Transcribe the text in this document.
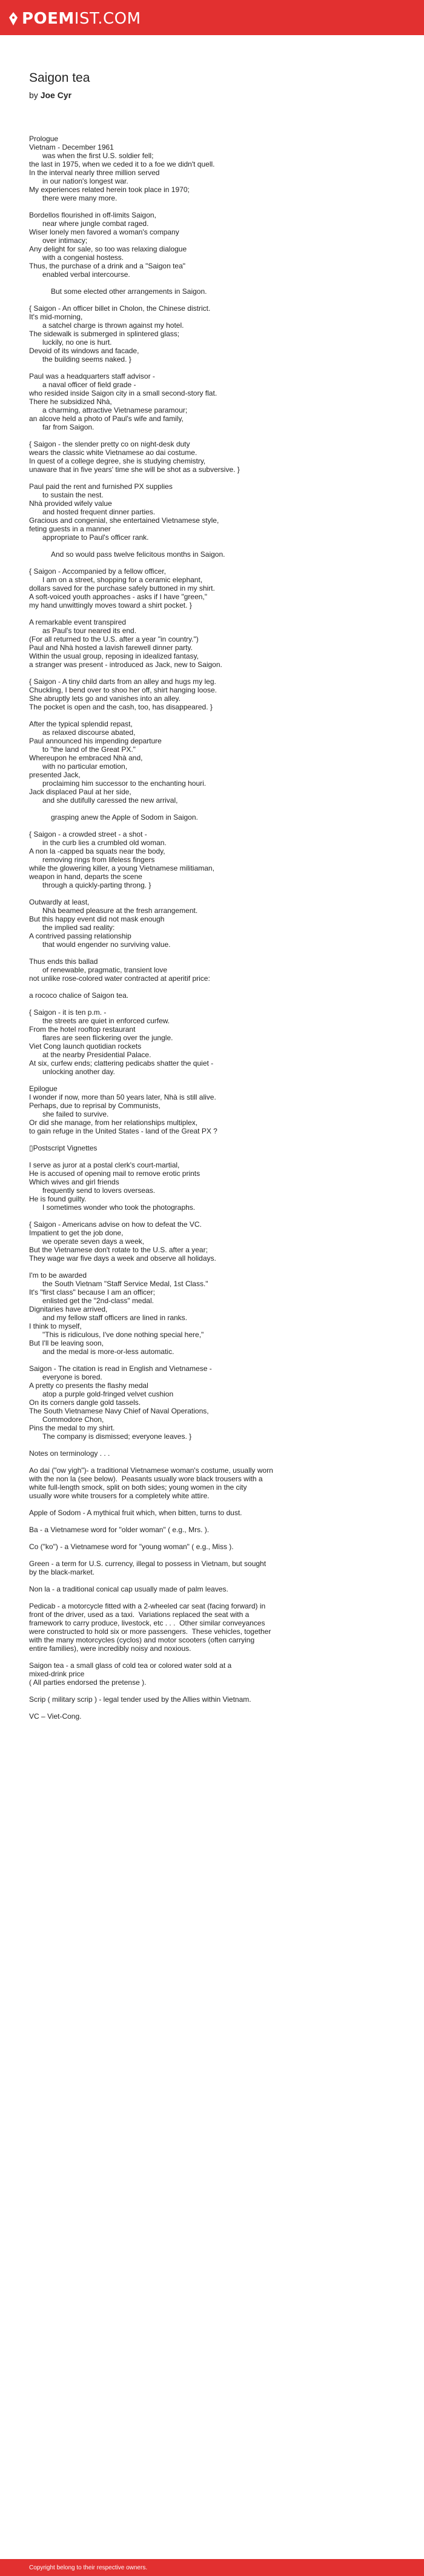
POEM IST.COM
Saigon tea
by Joe Cyr
Prologue
Vietnam - December 1961
was when the first U.S. soldier fell;
the last in 1975, when we ceded it to a foe we didn't quell.
In the interval nearly three million served
in our nation's longest war.
My experiences related herein took place in 1970;
there were many more.
Bordellos flourished in off-limits Saigon,
near where jungle combat raged.
Wiser lonely men favored a woman's company
over intimacy;
Any delight for sale, so too was relaxing dialogue
with a congenial hostess.
Thus, the purchase of a drink and a "Saigon tea"
enabled verbal intercourse.
But some elected other arrangements in Saigon.
{ Saigon - An officer billet in Cholon, the Chinese district.
It's mid-morning,
a satchel charge is thrown against my hotel.
The sidewalk is submerged in splintered glass;
luckily, no one is hurt.
Devoid of its windows and facade,
the building seems naked. }
Paul was a headquarters staff advisor -
a naval officer of field grade -
who resided inside Saigon city in a small second-story flat.
There he subsidized Nhà,
a charming, attractive Vietnamese paramour;
an alcove held a photo of Paul's wife and family,
far from Saigon.
{ Saigon - the slender pretty co on night-desk duty
wears the classic white Vietnamese ao dai costume.
In quest of a college degree, she is studying chemistry,
unaware that in five years' time she will be shot as a subversive. }
Paul paid the rent and furnished PX supplies
to sustain the nest.
Nhà provided wifely value
and hosted frequent dinner parties.
Gracious and congenial, she entertained Vietnamese style,
feting guests in a manner
appropriate to Paul's officer rank.
And so would pass twelve felicitous months in Saigon.
{ Saigon - Accompanied by a fellow officer,
I am on a street, shopping for a ceramic elephant,
dollars saved for the purchase safely buttoned in my shirt.
A soft-voiced youth approaches - asks if I have "green,"
my hand unwittingly moves toward a shirt pocket. }
A remarkable event transpired
as Paul's tour neared its end.
(For all returned to the U.S. after a year "in country.")
Paul and Nhà hosted a lavish farewell dinner party.
Within the usual group, reposing in idealized fantasy,
a stranger was present - introduced as Jack, new to Saigon.
{ Saigon - A tiny child darts from an alley and hugs my leg.
Chuckling, I bend over to shoo her off, shirt hanging loose.
She abruptly lets go and vanishes into an alley.
The pocket is open and the cash, too, has disappeared. }
After the typical splendid repast,
as relaxed discourse abated,
Paul announced his impending departure
to "the land of the Great PX."
Whereupon he embraced Nhà and,
with no particular emotion,
presented Jack,
proclaiming him successor to the enchanting houri.
Jack displaced Paul at her side,
and she dutifully caressed the new arrival,
grasping anew the Apple of Sodom in Saigon.
{ Saigon - a crowded street - a shot -
in the curb lies a crumbled old woman.
A non la -capped ba squats near the body,
removing rings from lifeless fingers
while the glowering killer, a young Vietnamese militiaman,
weapon in hand, departs the scene
through a quickly-parting throng. }
Outwardly at least,
Nhà beamed pleasure at the fresh arrangement.
But this happy event did not mask enough
the implied sad reality:
A contrived passing relationship
that would engender no surviving value.
Thus ends this ballad
of renewable, pragmatic, transient love
not unlike rose-colored water contracted at aperitif price:
a rococo chalice of Saigon tea.
{ Saigon - it is ten p.m. -
the streets are quiet in enforced curfew.
From the hotel rooftop restaurant
flares are seen flickering over the jungle.
Viet Cong launch quotidian rockets
at the nearby Presidential Palace.
At six, curfew ends; clattering pedicabs shatter the quiet -
unlocking another day.
Epilogue
I wonder if now, more than 50 years later, Nhà is still alive.
Perhaps, due to reprisal by Communists,
she failed to survive.
Or did she manage, from her relationships multiplex,
to gain refuge in the United States - land of the Great PX ?
▯Postscript Vignettes
I serve as juror at a postal clerk's court-martial,
He is accused of opening mail to remove erotic prints
Which wives and girl friends
frequently send to lovers overseas.
He is found guilty.
I sometimes wonder who took the photographs.
{ Saigon - Americans advise on how to defeat the VC.
Impatient to get the job done,
we operate seven days a week,
But the Vietnamese don't rotate to the U.S. after a year;
They wage war five days a week and observe all holidays.
I'm to be awarded
the South Vietnam "Staff Service Medal, 1st Class."
It's "first class" because I am an officer;
enlisted get the "2nd-class" medal.
Dignitaries have arrived,
and my fellow staff officers are lined in ranks.
I think to myself,
"This is ridiculous, I've done nothing special here,"
But I'll be leaving soon,
and the medal is more-or-less automatic.
Saigon - The citation is read in English and Vietnamese -
everyone is bored.
A pretty co presents the flashy medal
atop a purple gold-fringed velvet cushion
On its corners dangle gold tassels.
The South Vietnamese Navy Chief of Naval Operations,
Commodore Chon,
Pins the medal to my shirt.
The company is dismissed; everyone leaves. }
Notes on terminology . . .
Ao dai ("ow yigh")- a traditional Vietnamese woman's costume, usually worn
with the non la (see below).  Peasants usually wore black trousers with a
white full-length smock, split on both sides; young women in the city
usually wore white trousers for a completely white attire.
Apple of Sodom - A mythical fruit which, when bitten, turns to dust.
Ba - a Vietnamese word for "older woman" ( e.g., Mrs. ).
Co ("ko") - a Vietnamese word for "young woman" ( e.g., Miss ).
Green - a term for U.S. currency, illegal to possess in Vietnam, but sought
by the black-market.
Non la - a traditional conical cap usually made of palm leaves.
Pedicab - a motorcycle fitted with a 2-wheeled car seat (facing forward) in
front of the driver, used as a taxi.  Variations replaced the seat with a
framework to carry produce, livestock, etc . . .  Other similar conveyances
were constructed to hold six or more passengers.  These vehicles, together
with the many motorcycles (cyclos) and motor scooters (often carrying
entire families), were incredibly noisy and noxious.
Saigon tea - a small glass of cold tea or colored water sold at a
mixed-drink price
( All parties endorsed the pretense ).
Scrip ( military scrip ) - legal tender used by the Allies within Vietnam.
VC – Viet-Cong.
Copyright belong to their respective owners.
